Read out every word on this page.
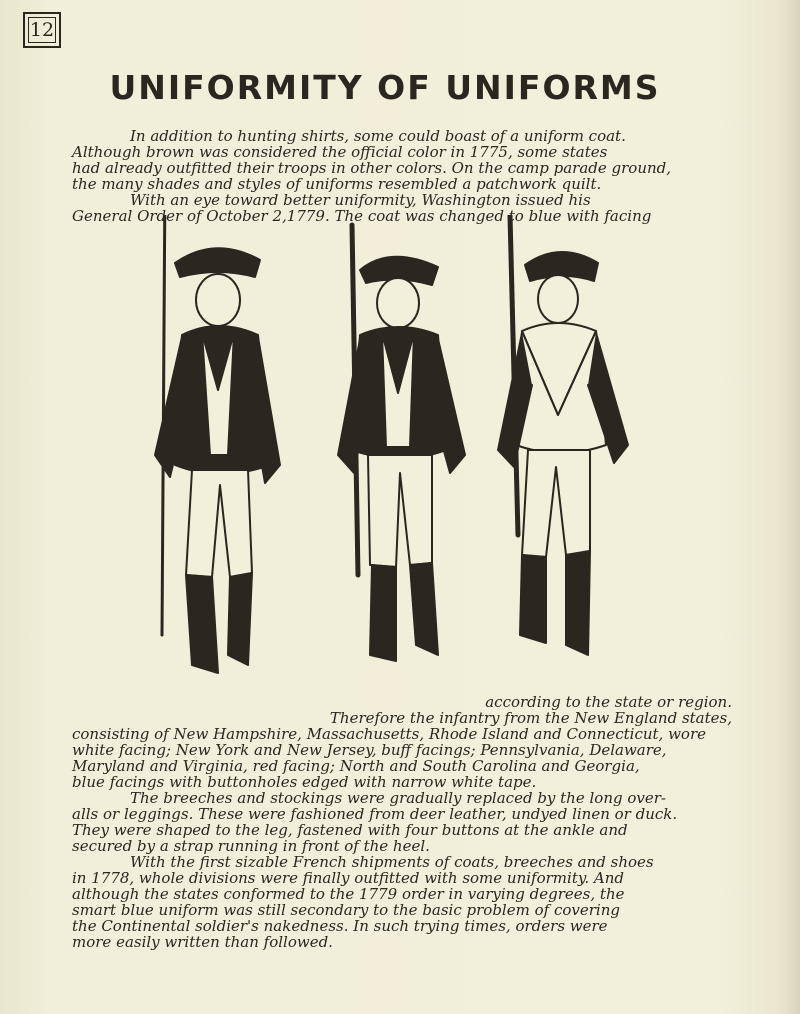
12
UNIFORMITY OF UNIFORMS
In addition to hunting shirts, some could boast of a uniform coat.
Although brown was considered the official color in 1775, some states
had already outfitted their troops in other colors. On the camp parade ground,
the many shades and styles of uniforms resembled a patchwork quilt.
With an eye toward better uniformity, Washington issued his
General Order of October 2,1779. The coat was changed to blue with facing
according to the state or region.
Therefore the infantry from the New England states,
consisting of New Hampshire, Massachusetts, Rhode Island and Connecticut, wore
white facing; New York and New Jersey, buff facings; Pennsylvania, Delaware,
Maryland and Virginia, red facing; North and South Carolina and Georgia,
blue facings with buttonholes edged with narrow white tape.
The breeches and stockings were gradually replaced by the long over-
alls or leggings. These were fashioned from deer leather, undyed linen or duck.
They were shaped to the leg, fastened with four buttons at the ankle and
secured by a strap running in front of the heel.
With the first sizable French shipments of coats, breeches and shoes
in 1778, whole divisions were finally outfitted with some uniformity. And
although the states conformed to the 1779 order in varying degrees, the
smart blue uniform was still secondary to the basic problem of covering
the Continental soldier's nakedness. In such trying times, orders were
more easily written than followed.
